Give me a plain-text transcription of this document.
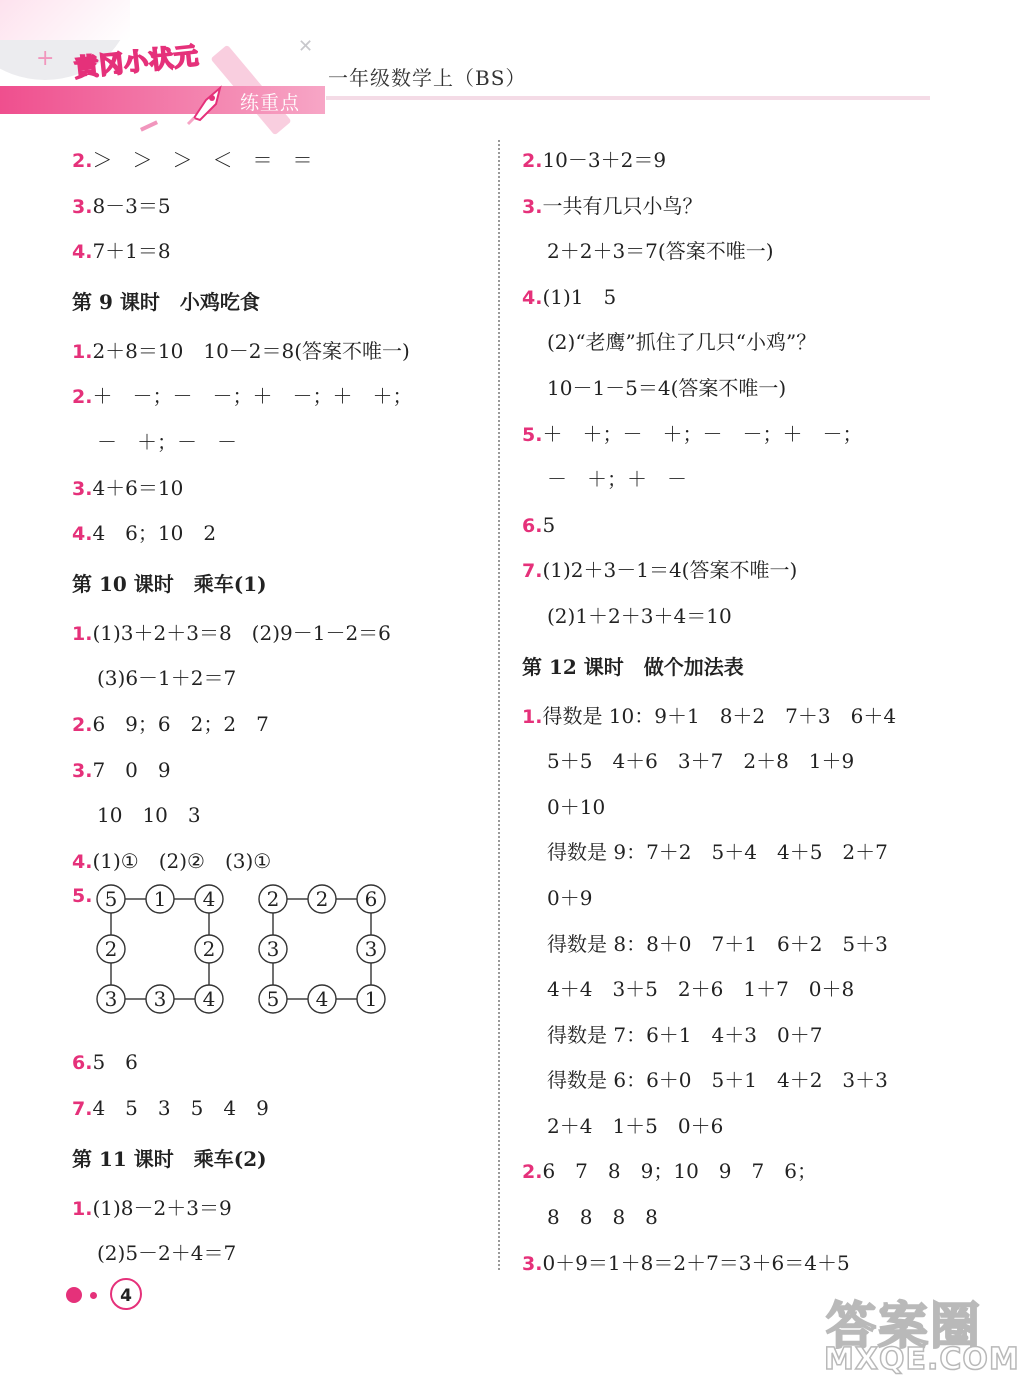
+	✕
黄冈小状元
练重点
一年级数学上（BS）
2.＞　＞　＞　＜　＝　＝
3.8－3＝5
4.7＋1＝8
第 9 课时　小鸡吃食
1.2＋8＝10　10－2＝8(答案不唯一)
2.＋　－；－　－；＋　－；＋　＋；
－　＋；－　－
3.4＋6＝10
4.4　6；10　2
第 10 课时　乘车(1)
1.(1)3＋2＋3＝8　(2)9－1－2＝6
(3)6－1＋2＝7
2.6　9；6　2；2　7
3.7　0　9
10　10　3
4.(1)①　(2)②　(3)①
5. 5 1 4
2	2
3 3 4
2 2 6
3	3
5 4 1
6.5　6
7.4　5　3　5　4　9
第 11 课时　乘车(2)
1.(1)8－2＋3＝9
(2)5－2＋4＝7
2.10－3＋2＝9
3.一共有几只小鸟？
2＋2＋3＝7(答案不唯一)
4.(1)1　5
(2)“老鹰”抓住了几只“小鸡”？
10－1－5＝4(答案不唯一)
5.＋　＋；－　＋；－　－；＋　－；
－　＋；＋　－
6.5
7.(1)2＋3－1＝4(答案不唯一)
(2)1＋2＋3＋4＝10
第 12 课时　做个加法表
1.得数是 10：9＋1　8＋2　7＋3　6＋4
5＋5　4＋6　3＋7　2＋8　1＋9
0＋10
得数是 9：7＋2　5＋4　4＋5　2＋7
0＋9
得数是 8：8＋0　7＋1　6＋2　5＋3
4＋4　3＋5　2＋6　1＋7　0＋8
得数是 7：6＋1　4＋3　0＋7
得数是 6：6＋0　5＋1　4＋2　3＋3
2＋4　1＋5　0＋6
2.6　7　8　9；10　9　7　6；
8　8　8　8
3.0＋9＝1＋8＝2＋7＝3＋6＝4＋5
4
答案圈
MXQE.COM
